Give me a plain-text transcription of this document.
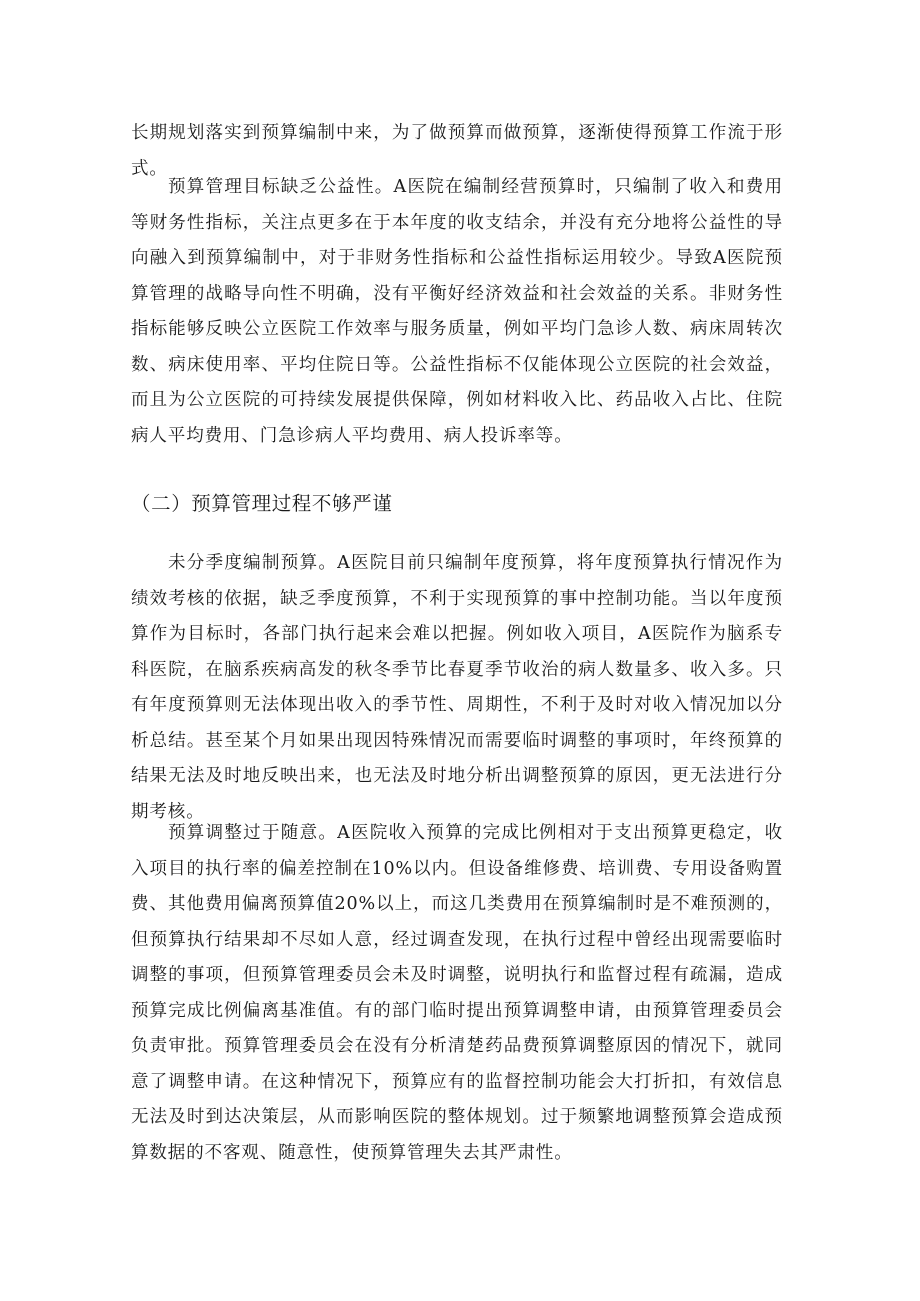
长期规划落实到预算编制中来，为了做预算而做预算，逐渐使得预算工作流于形式。

预算管理目标缺乏公益性。A医院在编制经营预算时，只编制了收入和费用等财务性指标，关注点更多在于本年度的收支结余，并没有充分地将公益性的导向融入到预算编制中，对于非财务性指标和公益性指标运用较少。导致A医院预算管理的战略导向性不明确，没有平衡好经济效益和社会效益的关系。非财务性指标能够反映公立医院工作效率与服务质量，例如平均门急诊人数、病床周转次数、病床使用率、平均住院日等。公益性指标不仅能体现公立医院的社会效益，而且为公立医院的可持续发展提供保障，例如材料收入比、药品收入占比、住院病人平均费用、门急诊病人平均费用、病人投诉率等。

（二）预算管理过程不够严谨

未分季度编制预算。A医院目前只编制年度预算，将年度预算执行情况作为绩效考核的依据，缺乏季度预算，不利于实现预算的事中控制功能。当以年度预算作为目标时，各部门执行起来会难以把握。例如收入项目，A医院作为脑系专科医院，在脑系疾病高发的秋冬季节比春夏季节收治的病人数量多、收入多。只有年度预算则无法体现出收入的季节性、周期性，不利于及时对收入情况加以分析总结。甚至某个月如果出现因特殊情况而需要临时调整的事项时，年终预算的结果无法及时地反映出来，也无法及时地分析出调整预算的原因，更无法进行分期考核。

预算调整过于随意。A医院收入预算的完成比例相对于支出预算更稳定，收入项目的执行率的偏差控制在10%以内。但设备维修费、培训费、专用设备购置费、其他费用偏离预算值20%以上，而这几类费用在预算编制时是不难预测的，但预算执行结果却不尽如人意，经过调查发现，在执行过程中曾经出现需要临时调整的事项，但预算管理委员会未及时调整，说明执行和监督过程有疏漏，造成预算完成比例偏离基准值。有的部门临时提出预算调整申请，由预算管理委员会负责审批。预算管理委员会在没有分析清楚药品费预算调整原因的情况下，就同意了调整申请。在这种情况下，预算应有的监督控制功能会大打折扣，有效信息无法及时到达决策层，从而影响医院的整体规划。过于频繁地调整预算会造成预算数据的不客观、随意性，使预算管理失去其严肃性。
